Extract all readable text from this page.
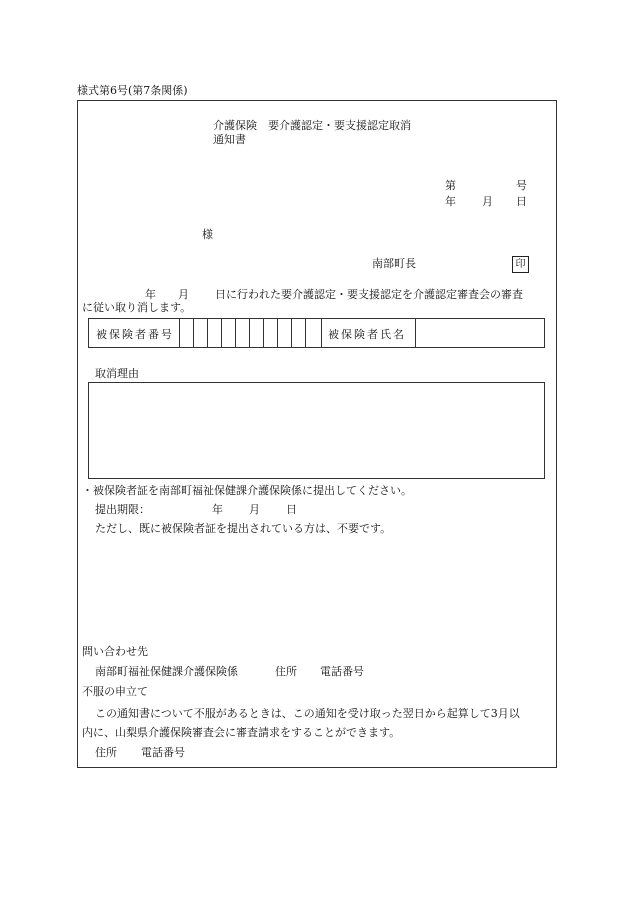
様式第6号(第7条関係)
介護保険　要介護認定・要支援認定取消
通知書
第	号
年 月 日
様
南部町長	印
年 月 日に行われた要介護認定・要支援認定を介護認定審査会の審査
に従い取り消します。
被保険者番号	被保険者氏名
取消理由
・被保険者証を南部町福祉保健課介護保険係に提出してください。
提出期限：	年 月 日
ただし、既に被保険者証を提出されている方は、不要です。
問い合わせ先
南部町福祉保健課介護保険係	住所 電話番号
不服の申立て
この通知書について不服があるときは、この通知を受け取った翌日から起算して3月以
内に、山梨県介護保険審査会に審査請求をすることができます。
住所 電話番号
